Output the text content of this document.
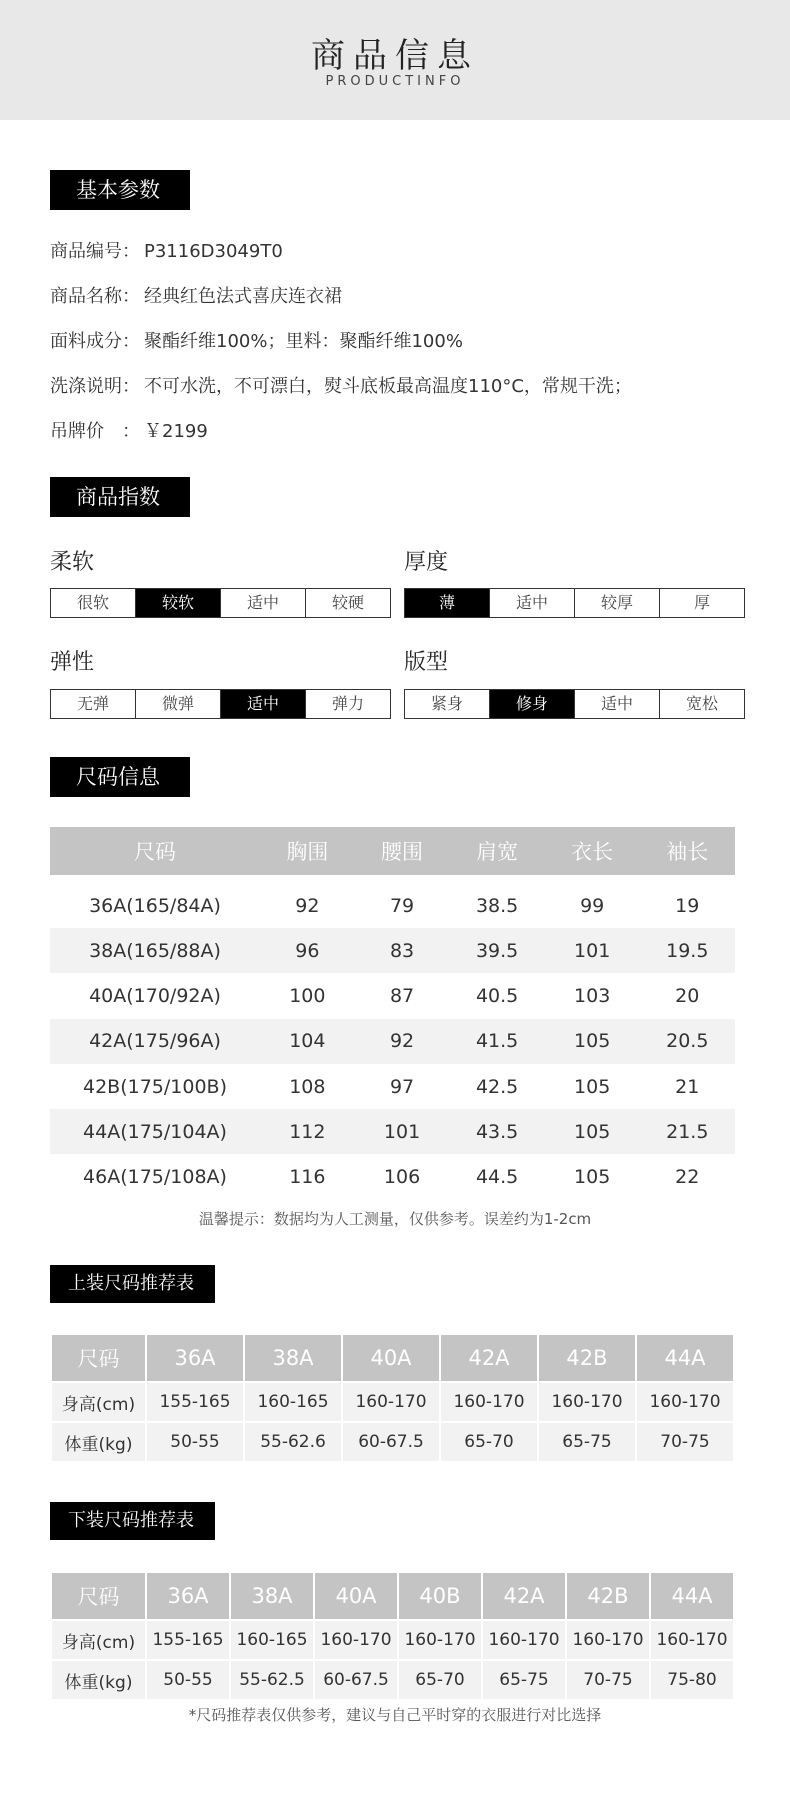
商品信息
PRODUCTINFO
基本参数
商品编号： P3116D3049T0
商品名称： 经典红色法式喜庆连衣裙
面料成分： 聚酯纤维100%；里料：聚酯纤维100%
洗涤说明： 不可水洗，不可漂白，熨斗底板最高温度110°C，常规干洗；
吊牌价　： ￥2199
商品指数
柔软
很软	较软	适中	较硬
厚度
薄	适中	较厚	厚
弹性
无弹	微弹	适中	弹力
版型
紧身	修身	适中	宽松
尺码信息
尺码	胸围	腰围	肩宽	衣长	袖长
36A(165/84A)	92	79	38.5	99	19
38A(165/88A)	96	83	39.5	101	19.5
40A(170/92A)	100	87	40.5	103	20
42A(175/96A)	104	92	41.5	105	20.5
42B(175/100B)	108	97	42.5	105	21
44A(175/104A)	112	101	43.5	105	21.5
46A(175/108A)	116	106	44.5	105	22
温馨提示：数据均为人工测量，仅供参考。误差约为1-2cm
上装尺码推荐表
尺码	36A	38A	40A	42A	42B	44A
身高(cm)	155-165	160-165	160-170	160-170	160-170	160-170
体重(kg)	50-55	55-62.6	60-67.5	65-70	65-75	70-75
下装尺码推荐表
尺码	36A	38A	40A	40B	42A	42B	44A
身高(cm)	155-165	160-165	160-170	160-170	160-170	160-170	160-170
体重(kg)	50-55	55-62.5	60-67.5	65-70	65-75	70-75	75-80
*尺码推荐表仅供参考，建议与自己平时穿的衣服进行对比选择
